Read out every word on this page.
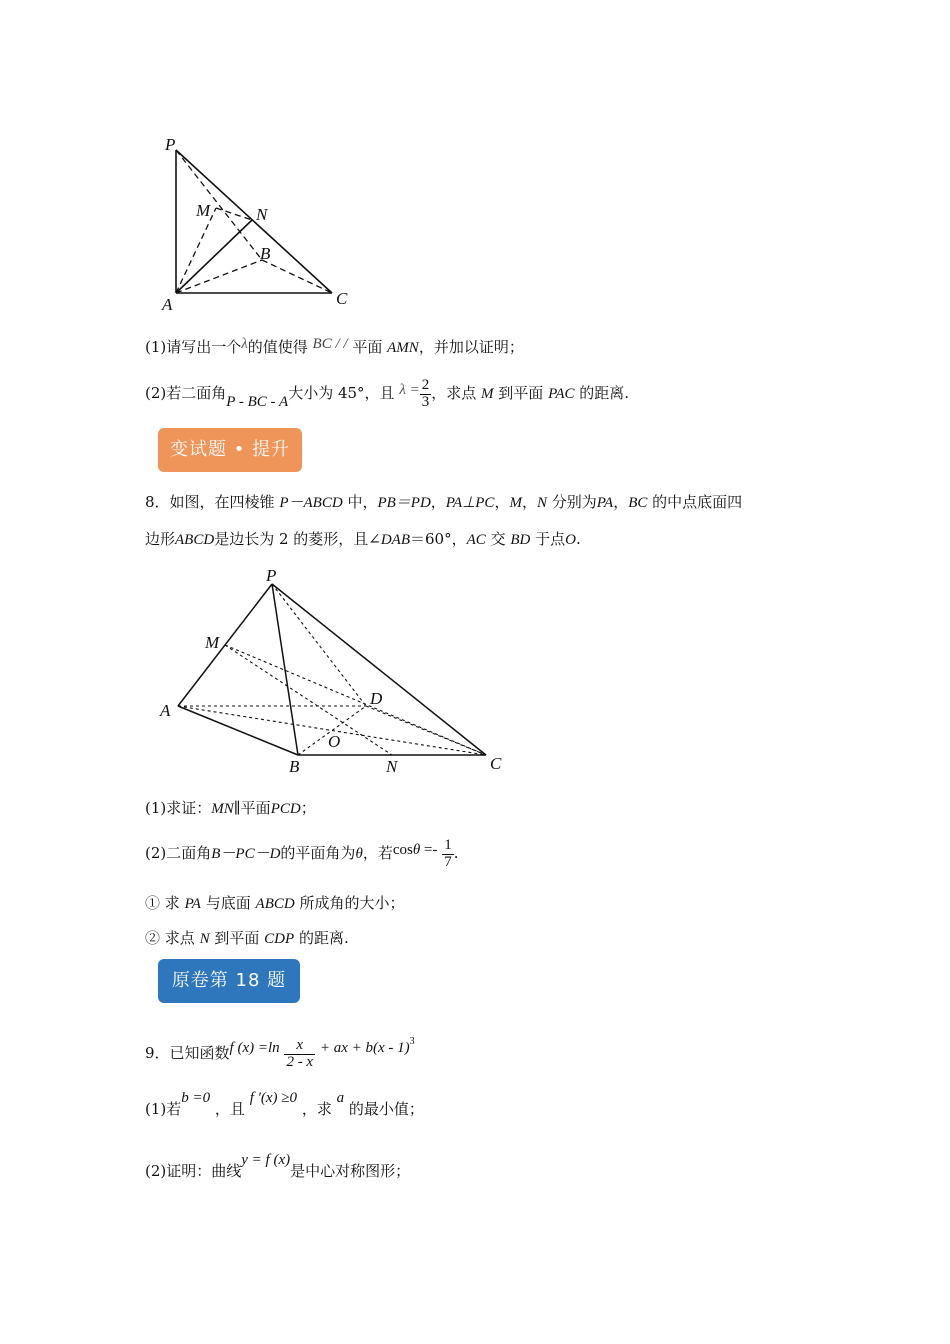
P
M	N
B
A	C
(1)请写出一个λ的值使得 BC / / 平面 AMN，并加以证明；
(2)若二面角P - BC - A大小为 45°，且 $\lambda = \frac{2}{3}$ ，求点 M 到平面 PAC 的距离.
变试题 • 提升
8．如图，在四棱锥 P－ABCD 中，PB＝PD，PA⊥PC，M，N 分别为PA，BC 的中点底面四
边形ABCD是边长为 2 的菱形，且∠DAB＝60°，AC 交 BD 于点O.
P
M
D
A
O
B	N	C
(1)求证：MN∥平面PCD；
(2)二面角B－PC－D的平面角为θ，若$\cos\theta =- \frac{1}{7}$ .
① 求 PA 与底面 ABCD 所成角的大小；
② 求点 N 到平面 CDP 的距离.
原卷第 18 题
9．已知函数f $(x) =\ln \frac{x}{2 - x}$ + ax + b(x - 1)$^3$
(1)若b =0 ，且 f ′(x) ≥0 ，求 a 的最小值；
(2)证明：曲线y = f (x)是中心对称图形；
